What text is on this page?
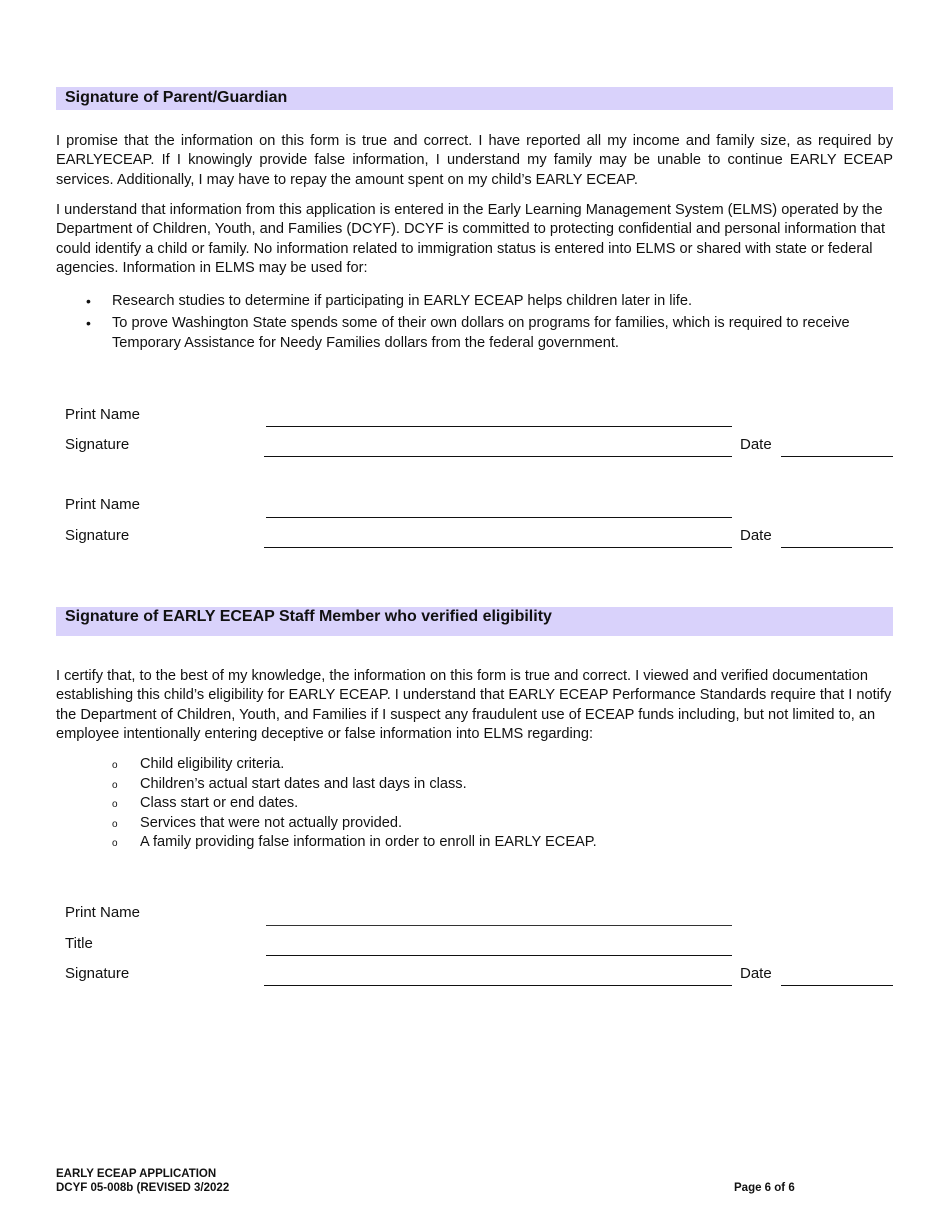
Signature of Parent/Guardian

I promise that the information on this form is true and correct. I have reported all my income and family size, as required by EARLYECEAP. If I knowingly provide false information, I understand my family may be unable to continue EARLY ECEAP services. Additionally, I may have to repay the amount spent on my child’s EARLY ECEAP.

I understand that information from this application is entered in the Early Learning Management System (ELMS) operated by the Department of Children, Youth, and Families (DCYF). DCYF is committed to protecting confidential and personal information that could identify a child or family. No information related to immigration status is entered into ELMS or shared with state or federal agencies. Information in ELMS may be used for:

• Research studies to determine if participating in EARLY ECEAP helps children later in life.
• To prove Washington State spends some of their own dollars on programs for families, which is required to receive Temporary Assistance for Needy Families dollars from the federal government.
Print Name
Signature	Date
Print Name
Signature	Date
Signature of EARLY ECEAP Staff Member who verified eligibility

I certify that, to the best of my knowledge, the information on this form is true and correct. I viewed and verified documentation establishing this child’s eligibility for EARLY ECEAP. I understand that EARLY ECEAP Performance Standards require that I notify the Department of Children, Youth, and Families if I suspect any fraudulent use of ECEAP funds including, but not limited to, an employee intentionally entering deceptive or false information into ELMS regarding:

o Child eligibility criteria.
o Children’s actual start dates and last days in class.
o Class start or end dates.
o Services that were not actually provided.
o A family providing false information in order to enroll in EARLY ECEAP.
Print Name
Title
Signature	Date
EARLY ECEAP APPLICATION
DCYF 05-008b (REVISED 3/2022	Page 6 of 6
